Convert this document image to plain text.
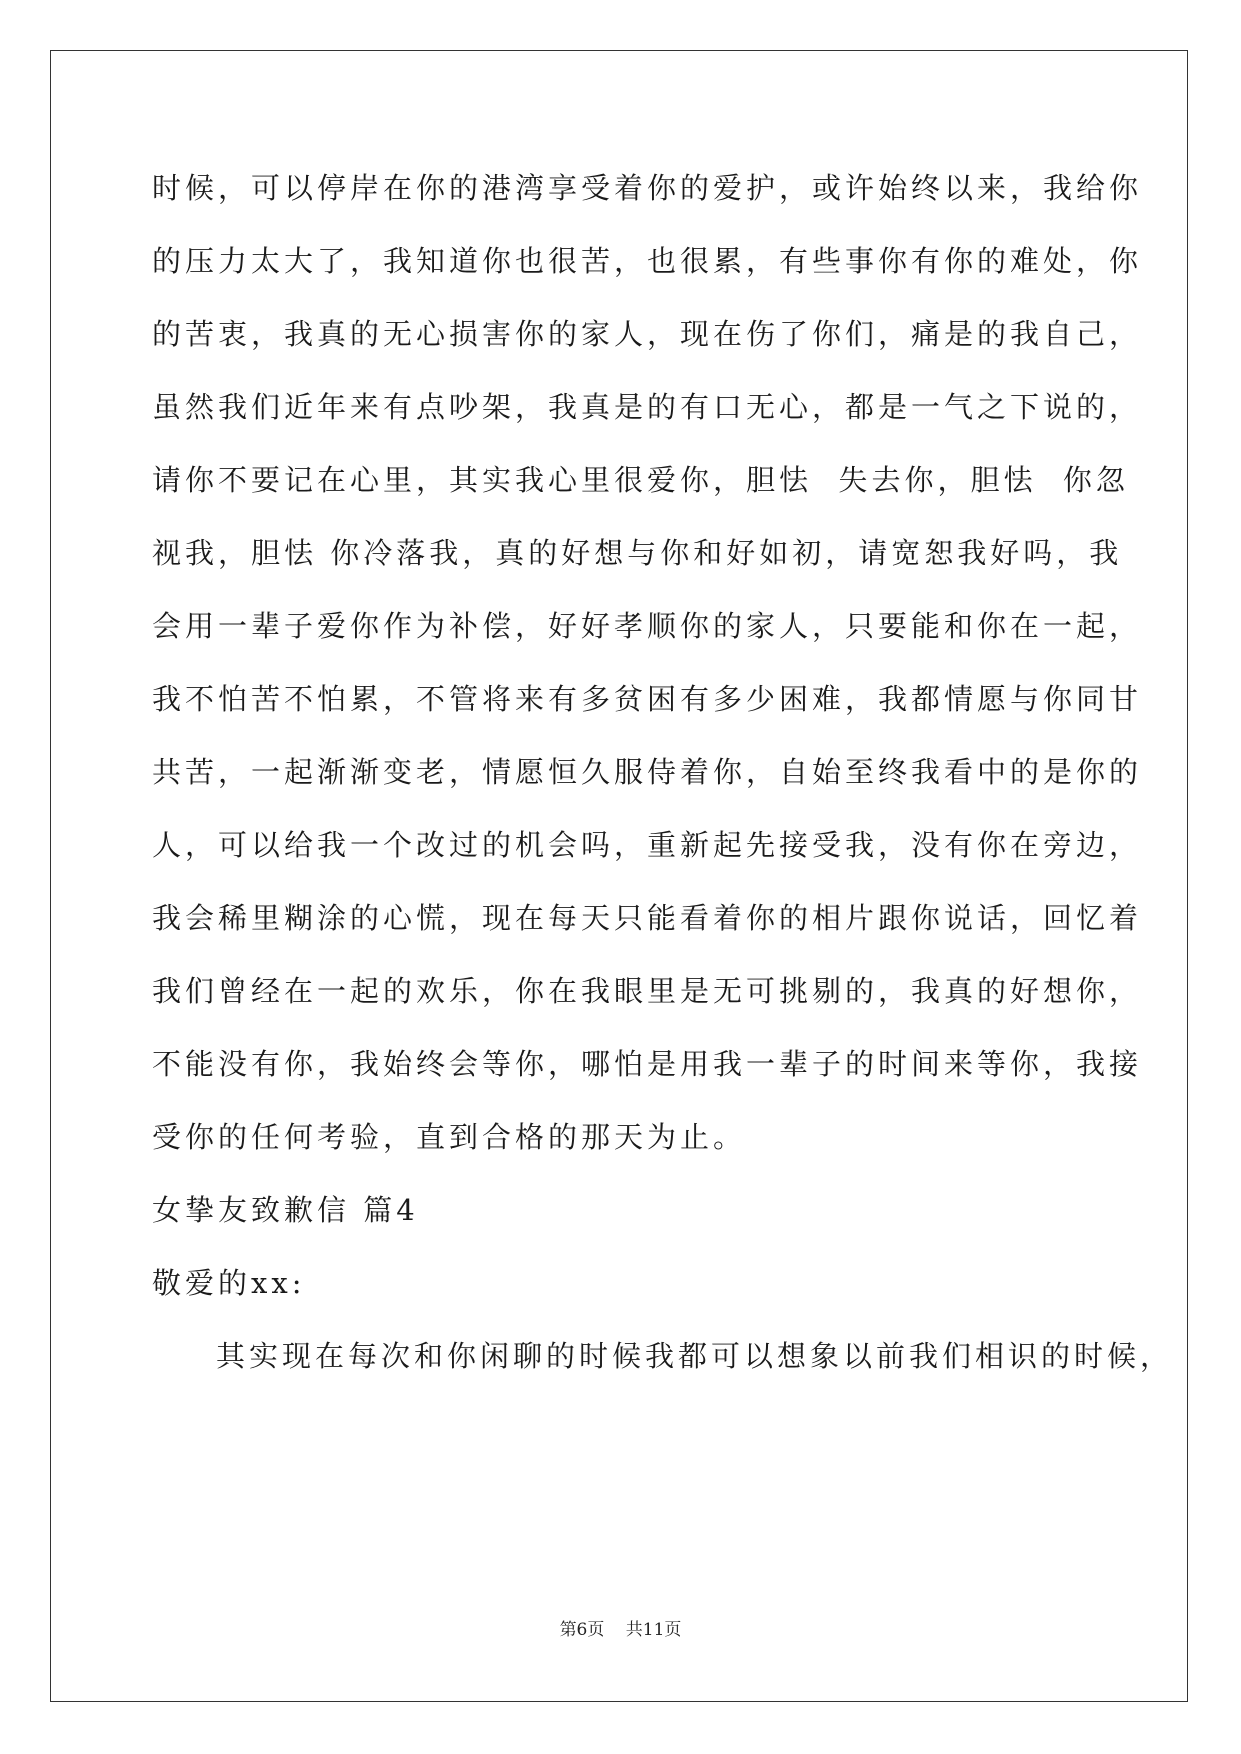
时候，可以停岸在你的港湾享受着你的爱护，或许始终以来，我给你
的压力太大了，我知道你也很苦，也很累，有些事你有你的难处，你
的苦衷，我真的无心损害你的家人，现在伤了你们，痛是的我自己，
虽然我们近年来有点吵架，我真是的有口无心，都是一气之下说的，
请你不要记在心里，其实我心里很爱你，胆怯  失去你，胆怯  你忽
视我，胆怯 你冷落我，真的好想与你和好如初，请宽恕我好吗，我
会用一辈子爱你作为补偿，好好孝顺你的家人，只要能和你在一起，
我不怕苦不怕累，不管将来有多贫困有多少困难，我都情愿与你同甘
共苦，一起渐渐变老，情愿恒久服侍着你，自始至终我看中的是你的
人，可以给我一个改过的机会吗，重新起先接受我，没有你在旁边，
我会稀里糊涂的心慌，现在每天只能看着你的相片跟你说话，回忆着
我们曾经在一起的欢乐，你在我眼里是无可挑剔的，我真的好想你，
不能没有你，我始终会等你，哪怕是用我一辈子的时间来等你，我接
受你的任何考验，直到合格的那天为止。
女挚友致歉信 篇4
敬爱的xx:
其实现在每次和你闲聊的时候我都可以想象以前我们相识的时候，
第6页 共11页
